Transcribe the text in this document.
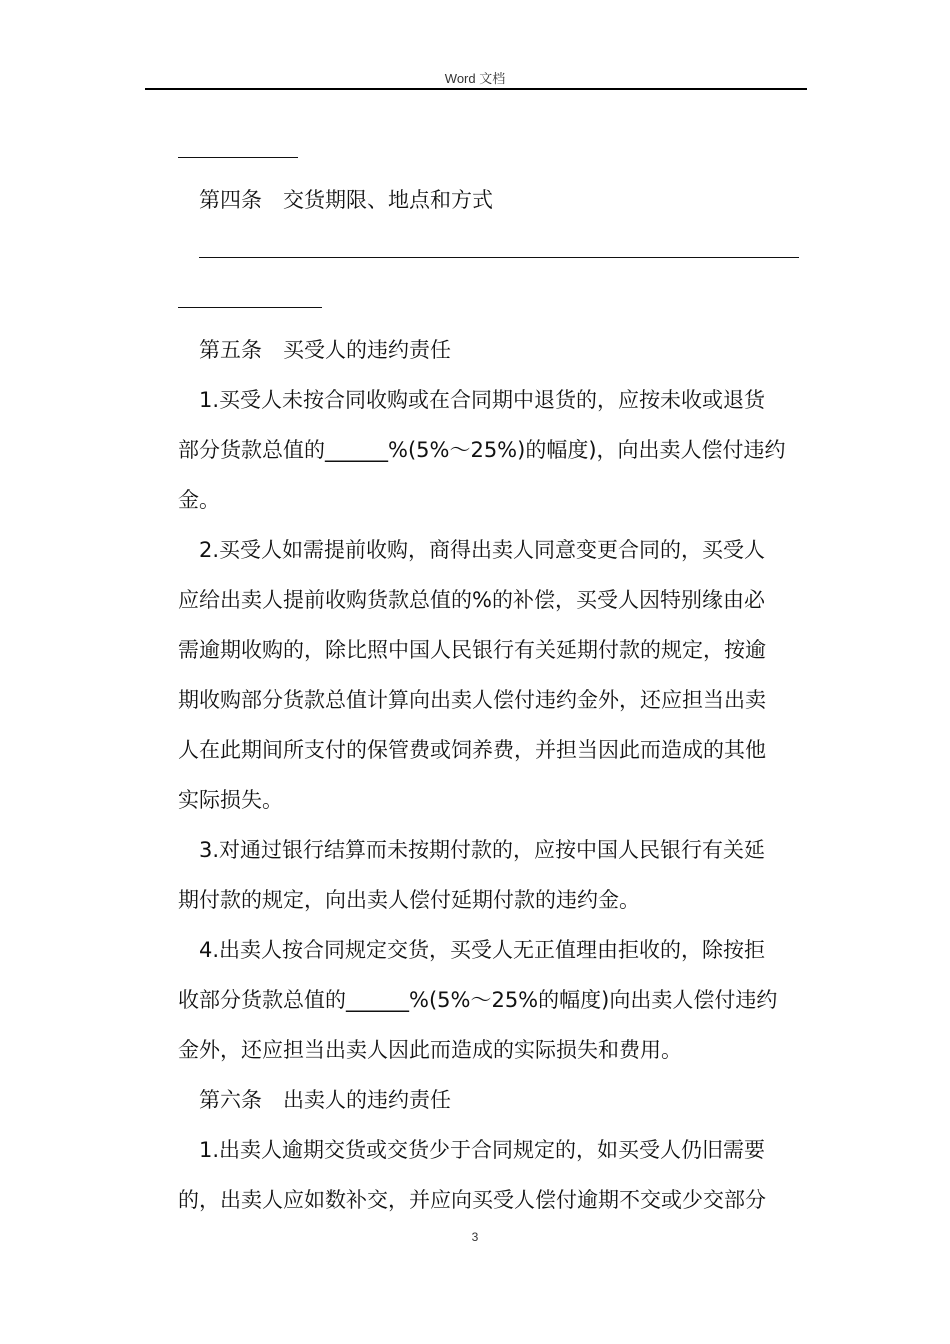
Word 文档
第四条　交货期限、地点和方式
第五条　买受人的违约责任
1.买受人未按合同收购或在合同期中退货的，应按未收或退货
部分货款总值的______%(5%～25%)的幅度)，向出卖人偿付违约
金。
2.买受人如需提前收购，商得出卖人同意变更合同的，买受人
应给出卖人提前收购货款总值的%的补偿，买受人因特别缘由必
需逾期收购的，除比照中国人民银行有关延期付款的规定，按逾
期收购部分货款总值计算向出卖人偿付违约金外，还应担当出卖
人在此期间所支付的保管费或饲养费，并担当因此而造成的其他
实际损失。
3.对通过银行结算而未按期付款的，应按中国人民银行有关延
期付款的规定，向出卖人偿付延期付款的违约金。
4.出卖人按合同规定交货，买受人无正值理由拒收的，除按拒
收部分货款总值的______%(5%～25%的幅度)向出卖人偿付违约
金外，还应担当出卖人因此而造成的实际损失和费用。
第六条　出卖人的违约责任
1.出卖人逾期交货或交货少于合同规定的，如买受人仍旧需要
的，出卖人应如数补交，并应向买受人偿付逾期不交或少交部分
3
